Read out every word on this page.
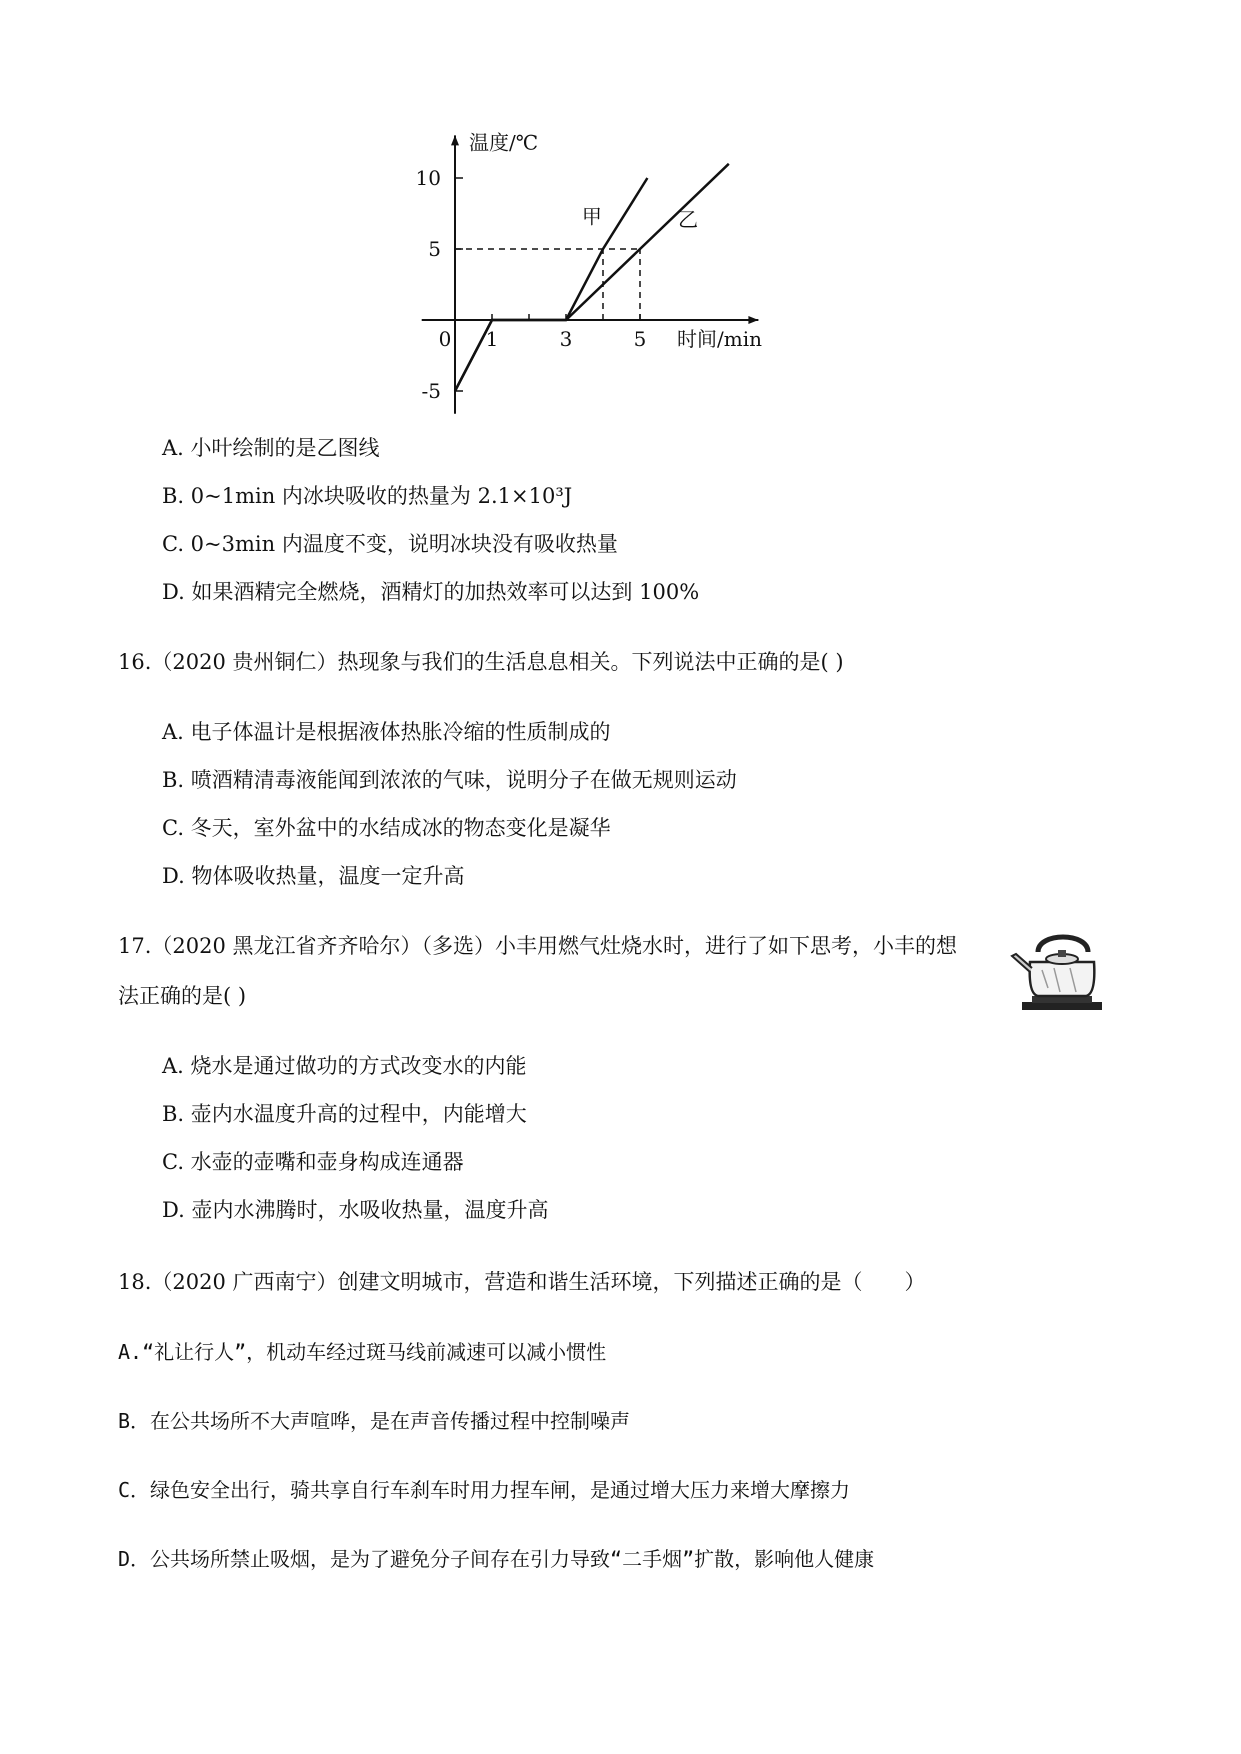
10
5
-5
1	3	5
0
温度/℃
时间/min
甲	乙
A. 小叶绘制的是乙图线
B. 0~1min 内冰块吸收的热量为 2.1×10³J
C. 0~3min 内温度不变，说明冰块没有吸收热量
D. 如果酒精完全燃烧，酒精灯的加热效率可以达到 100%
16.（2020 贵州铜仁）热现象与我们的生活息息相关。下列说法中正确的是( )
A. 电子体温计是根据液体热胀冷缩的性质制成的
B. 喷酒精清毒液能闻到浓浓的气味，说明分子在做无规则运动
C. 冬天，室外盆中的水结成冰的物态变化是凝华
D. 物体吸收热量，温度一定升高
17.（2020 黑龙江省齐齐哈尔）（多选）小丰用燃气灶烧水时，进行了如下思考，小丰的想
法正确的是( )
A. 烧水是通过做功的方式改变水的内能
B. 壶内水温度升高的过程中，内能增大
C. 水壶的壶嘴和壶身构成连通器
D. 壶内水沸腾时，水吸收热量，温度升高
18.（2020 广西南宁）创建文明城市，营造和谐生活环境，下列描述正确的是（　　）
A.“礼让行人”，机动车经过斑马线前减速可以减小惯性
B．在公共场所不大声喧哗，是在声音传播过程中控制噪声
C．绿色安全出行，骑共享自行车刹车时用力捏车闸，是通过增大压力来增大摩擦力
D．公共场所禁止吸烟，是为了避免分子间存在引力导致“二手烟”扩散，影响他人健康
